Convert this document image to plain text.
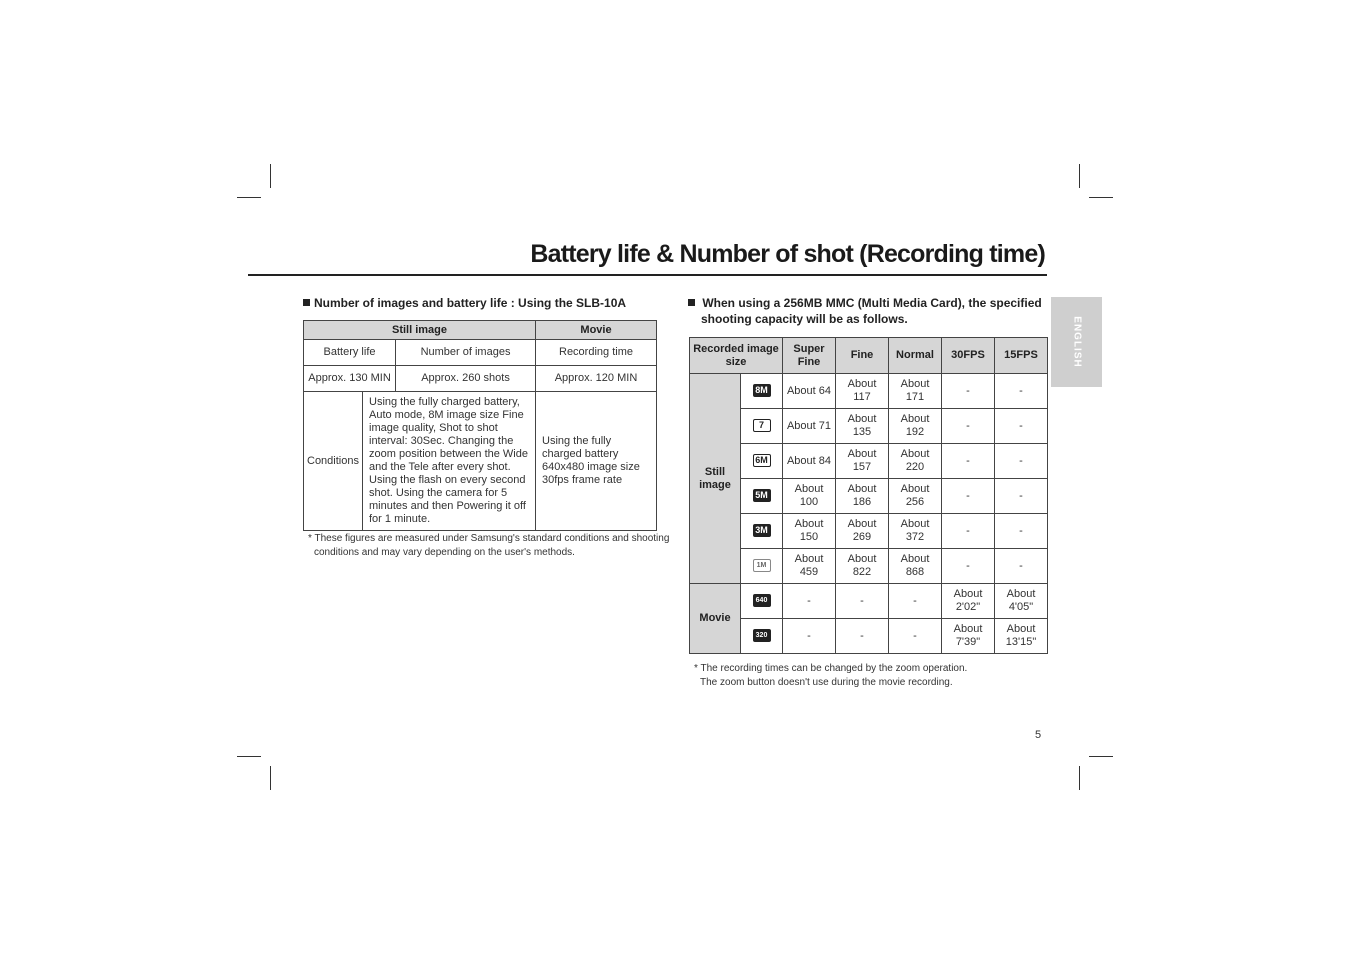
Battery life & Number of shot (Recording time)
ENGLISH
Number of images and battery life : Using the SLB-10A
Still image			Movie
Battery life		Number of images	Recording time
Approx. 130 MIN		Approx. 260 shots	Approx. 120 MIN
Conditions	Using the fully charged battery, Auto mode, 8M image size Fine image quality, Shot to shot interval: 30Sec. Changing the zoom position between the Wide and the Tele after every shot. Using the flash on every second shot. Using the camera for 5 minutes and then Powering it off for 1 minute.		Using the fully charged battery 640x480 image size 30fps frame rate
* These figures are measured under Samsung's standard conditions and shooting
conditions and may vary depending on the user's methods.
When using a 256MB MMC (Multi Media Card), the specified
shooting capacity will be as follows.
Recorded image size		Super Fine	Fine	Normal	30FPS	15FPS
Still image	8M	About 64	About 117	About 171	-	-
	7	About 71	About 135	About 192	-	-
	6M	About 84	About 157	About 220	-	-
	5M	About 100	About 186	About 256	-	-
	3M	About 150	About 269	About 372	-	-
	1M	About 459	About 822	About 868	-	-
Movie	640	-	-	-	About 2'02"	About 4'05"
	320	-	-	-	About 7'39"	About 13'15"
* The recording times can be changed by the zoom operation.
The zoom button doesn't use during the movie recording.
5
